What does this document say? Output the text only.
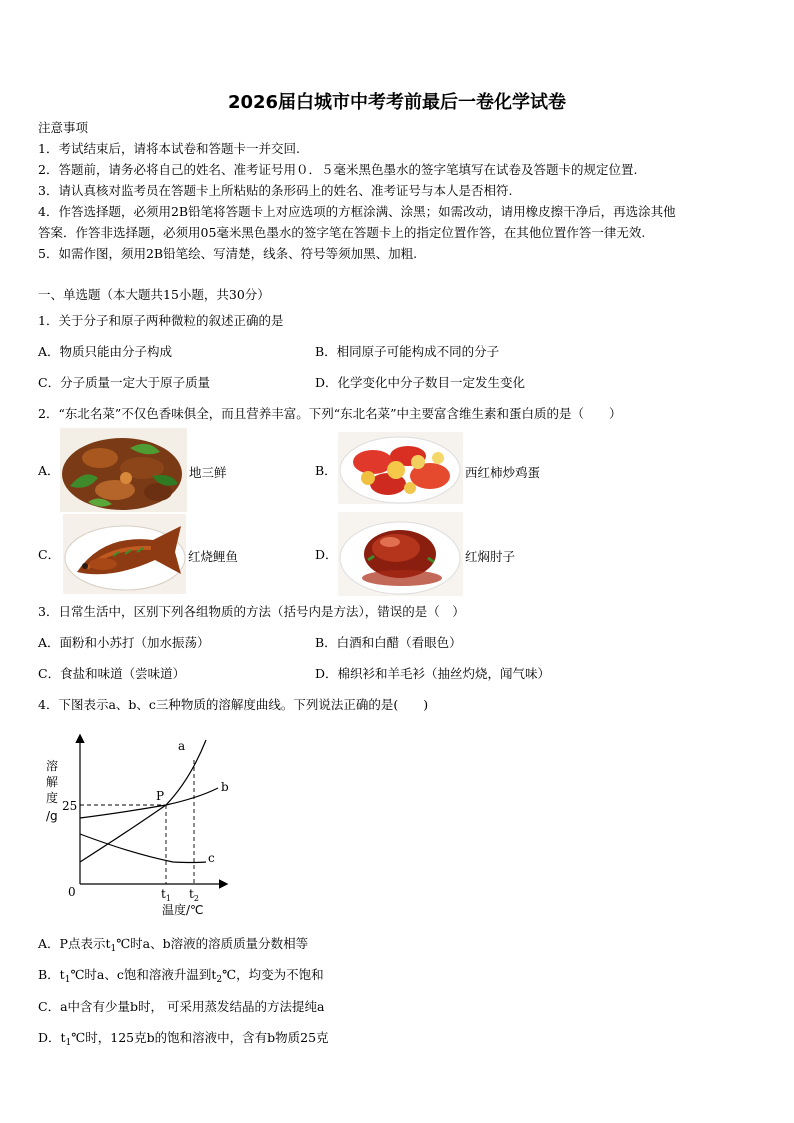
2026届白城市中考考前最后一卷化学试卷
注意事项
1．考试结束后，请将本试卷和答题卡一并交回.
2．答题前，请务必将自己的姓名、准考证号用０．５毫米黑色墨水的签字笔填写在试卷及答题卡的规定位置.
3．请认真核对监考员在答题卡上所粘贴的条形码上的姓名、准考证号与本人是否相符.
4．作答选择题，必须用2B铅笔将答题卡上对应选项的方框涂满、涂黑；如需改动，请用橡皮擦干净后，再选涂其他
答案．作答非选择题，必须用05毫米黑色墨水的签字笔在答题卡上的指定位置作答，在其他位置作答一律无效.
5．如需作图，须用2B铅笔绘、写清楚，线条、符号等须加黑、加粗.
一、单选题（本大题共15小题，共30分）
1．关于分子和原子两种微粒的叙述正确的是
A．物质只能由分子构成	B．相同原子可能构成不同的分子
C．分子质量一定大于原子质量	D．化学变化中分子数目一定发生变化
2．“东北名菜”不仅色香味俱全，而且营养丰富。下列“东北名菜”中主要富含维生素和蛋白质的是（　　）
A．	地三鲜	B．	西红柿炒鸡蛋
C．	红烧鲤鱼	D．	红焖肘子
3．日常生活中，区别下列各组物质的方法（括号内是方法），错误的是（　）
A．面粉和小苏打（加水振荡）	B．白酒和白醋（看眼色）
C．食盐和味道（尝味道）	D．棉织衫和羊毛衫（抽丝灼烧，闻气味）
4．下图表示a、b、c三种物质的溶解度曲线。下列说法正确的是(　　)
溶
解
度
/g
25
0
P
a
b
c
$t_1$ $t_2$
温度/℃
A．P点表示$t_1℃$时a、b溶液的溶质质量分数相等
B．$t_1℃$时a、c饱和溶液升温到$t_2℃$，均变为不饱和
C．a中含有少量b时， 可采用蒸发结晶的方法提纯a
D．$t_1℃$时，125克b的饱和溶液中，含有b物质25克
